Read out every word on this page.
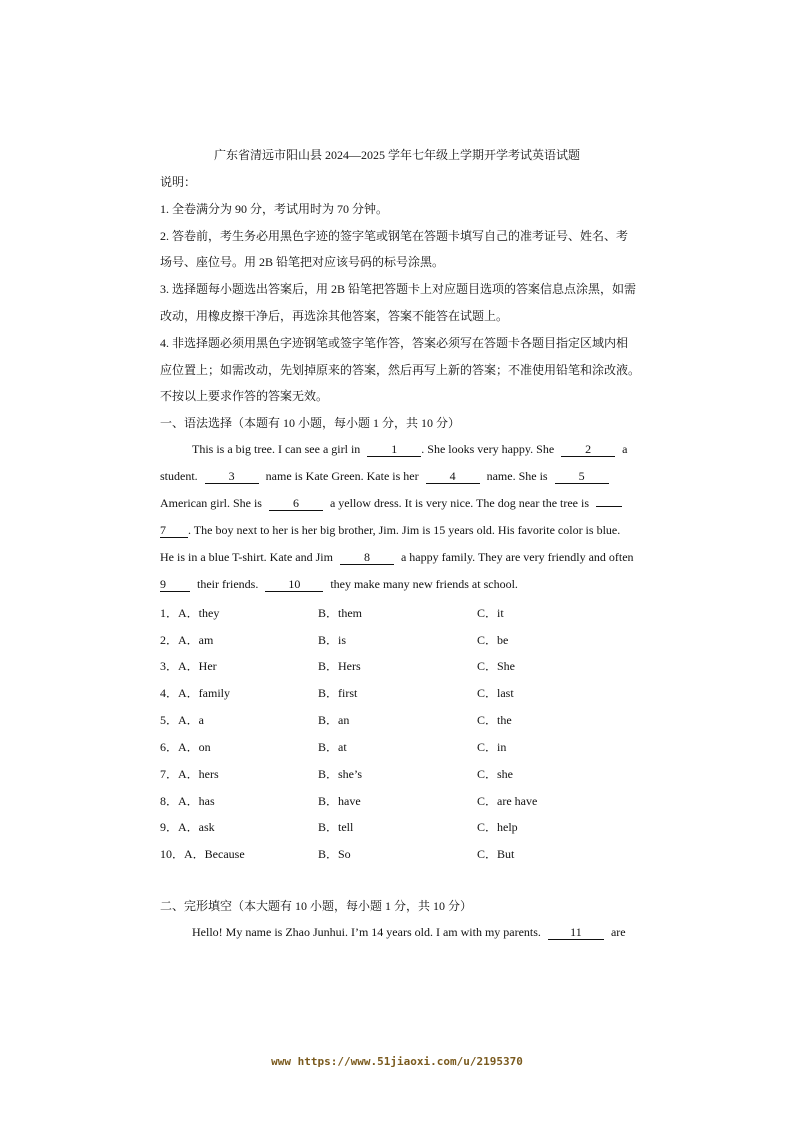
广东省清远市阳山县 2024—2025 学年七年级上学期开学考试英语试题
说明：
1. 全卷满分为 90 分，考试用时为 70 分钟。
2. 答卷前，考生务必用黑色字迹的签字笔或钢笔在答题卡填写自己的准考证号、姓名、考
场号、座位号。用 2B 铅笔把对应该号码的标号涂黑。
3. 选择题每小题选出答案后，用 2B 铅笔把答题卡上对应题目选项的答案信息点涂黑，如需
改动，用橡皮擦干净后，再选涂其他答案，答案不能答在试题上。
4. 非选择题必须用黑色字迹钢笔或签字笔作答，答案必须写在答题卡各题目指定区域内相
应位置上；如需改动，先划掉原来的答案，然后再写上新的答案；不准使用铅笔和涂改液。
不按以上要求作答的答案无效。
一、语法选择（本题有 10 小题，每小题 1 分，共 10 分）
This is a big tree. I can see a girl in	1 . She looks very happy. She	2	a
student.	3	name is Kate Green. Kate is her	4	name. She is	5
American girl. She is	6	a yellow dress. It is very nice. The dog near the tree is
7 . The boy next to her is her big brother, Jim. Jim is 15 years old. His favorite color is blue.
He is in a blue T-shirt. Kate and Jim	8	a happy family. They are very friendly and often
9	their friends.	10	they make many new friends at school.
1．A．they	B．them	C．it
2．A．am	B．is	C．be
3．A．Her	B．Hers	C．She
4．A．family	B．first	C．last
5．A．a	B．an	C．the
6．A．on	B．at	C．in
7．A．hers	B．she’s	C．she
8．A．has	B．have	C．are have
9．A．ask	B．tell	C．help
10．A．Because	B．So	C．But
二、完形填空（本大题有 10 小题，每小题 1 分，共 10 分）
Hello! My name is Zhao Junhui. I’m 14 years old. I am with my parents. 11 are
www https://www.51jiaoxi.com/u/2195370
